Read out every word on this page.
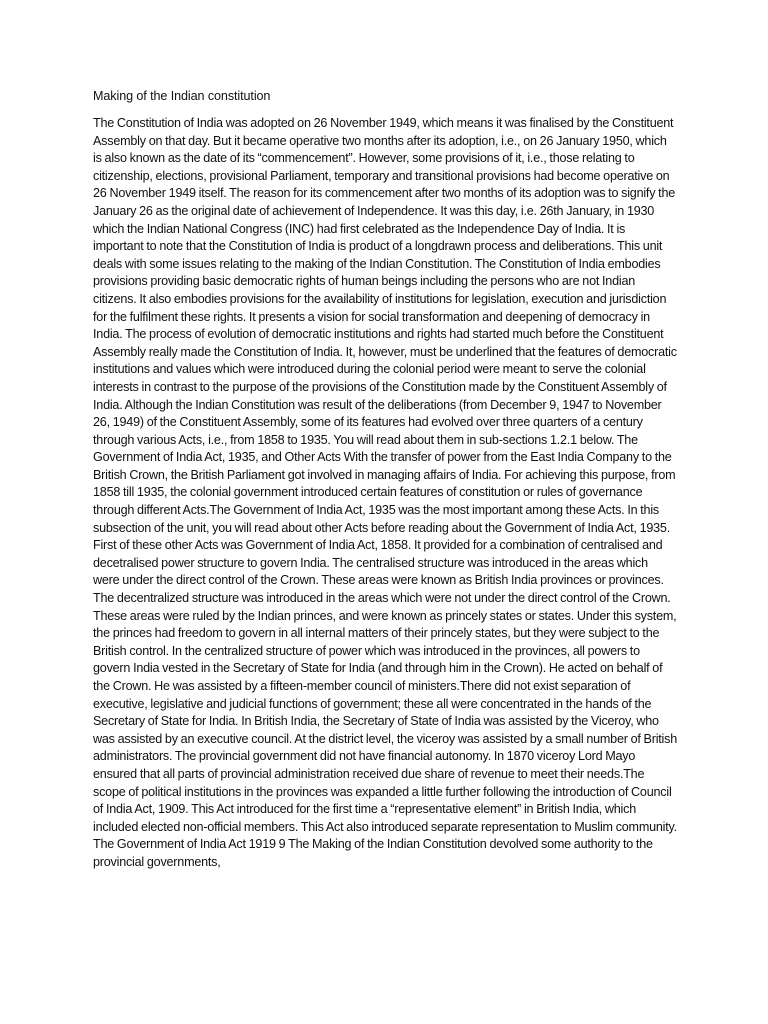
Making of the Indian constitution

The Constitution of India was adopted on 26 November 1949, which means it was finalised by the Constituent Assembly on that day. But it became operative two months after its adoption, i.e., on 26 January 1950, which is also known as the date of its “commencement”. However, some provisions of it, i.e., those relating to citizenship, elections, provisional Parliament, temporary and transitional provisions had become operative on 26 November 1949 itself. The reason for its commencement after two months of its adoption was to signify the January 26 as the original date of achievement of Independence. It was this day, i.e. 26th January, in 1930 which the Indian National Congress (INC) had first celebrated as the Independence Day of India. It is important to note that the Constitution of India is product of a longdrawn process and deliberations. This unit deals with some issues relating to the making of the Indian Constitution. The Constitution of India embodies provisions providing basic democratic rights of human beings including the persons who are not Indian citizens. It also embodies provisions for the availability of institutions for legislation, execution and jurisdiction for the fulfilment these rights. It presents a vision for social transformation and deepening of democracy in India. The process of evolution of democratic institutions and rights had started much before the Constituent Assembly really made the Constitution of India. It, however, must be underlined that the features of democratic institutions and values which were introduced during the colonial period were meant to serve the colonial interests in contrast to the purpose of the provisions of the Constitution made by the Constituent Assembly of India. Although the Indian Constitution was result of the deliberations (from December 9, 1947 to November 26, 1949) of the Constituent Assembly, some of its features had evolved over three quarters of a century through various Acts, i.e., from 1858 to 1935. You will read about them in sub-sections 1.2.1 below. The Government of India Act, 1935, and Other Acts With the transfer of power from the East India Company to the British Crown, the British Parliament got involved in managing affairs of India. For achieving this purpose, from 1858 till 1935, the colonial government introduced certain features of constitution or rules of governance through different Acts.The Government of India Act, 1935 was the most important among these Acts. In this subsection of the unit, you will read about other Acts before reading about the Government of India Act, 1935. First of these other Acts was Government of India Act, 1858. It provided for a combination of centralised and decetralised power structure to govern India. The centralised structure was introduced in the areas which were under the direct control of the Crown. These areas were known as British India provinces or provinces. The decentralized structure was introduced in the areas which were not under the direct control of the Crown. These areas were ruled by the Indian princes, and were known as princely states or states. Under this system, the princes had freedom to govern in all internal matters of their princely states, but they were subject to the British control. In the centralized structure of power which was introduced in the provinces, all powers to govern India vested in the Secretary of State for India (and through him in the Crown). He acted on behalf of the Crown. He was assisted by a fifteen-member council of ministers.There did not exist separation of executive, legislative and judicial functions of government; these all were concentrated in the hands of the Secretary of State for India. In British India, the Secretary of State of India was assisted by the Viceroy, who was assisted by an executive council. At the district level, the viceroy was assisted by a small number of British administrators. The provincial government did not have financial autonomy. In 1870 viceroy Lord Mayo ensured that all parts of provincial administration received due share of revenue to meet their needs.The scope of political institutions in the provinces was expanded a little further following the introduction of Council of India Act, 1909. This Act introduced for the first time a “representative element” in British India, which included elected non-official members. This Act also introduced separate representation to Muslim community. The Government of India Act 1919 9 The Making of the Indian Constitution devolved some authority to the provincial governments,
